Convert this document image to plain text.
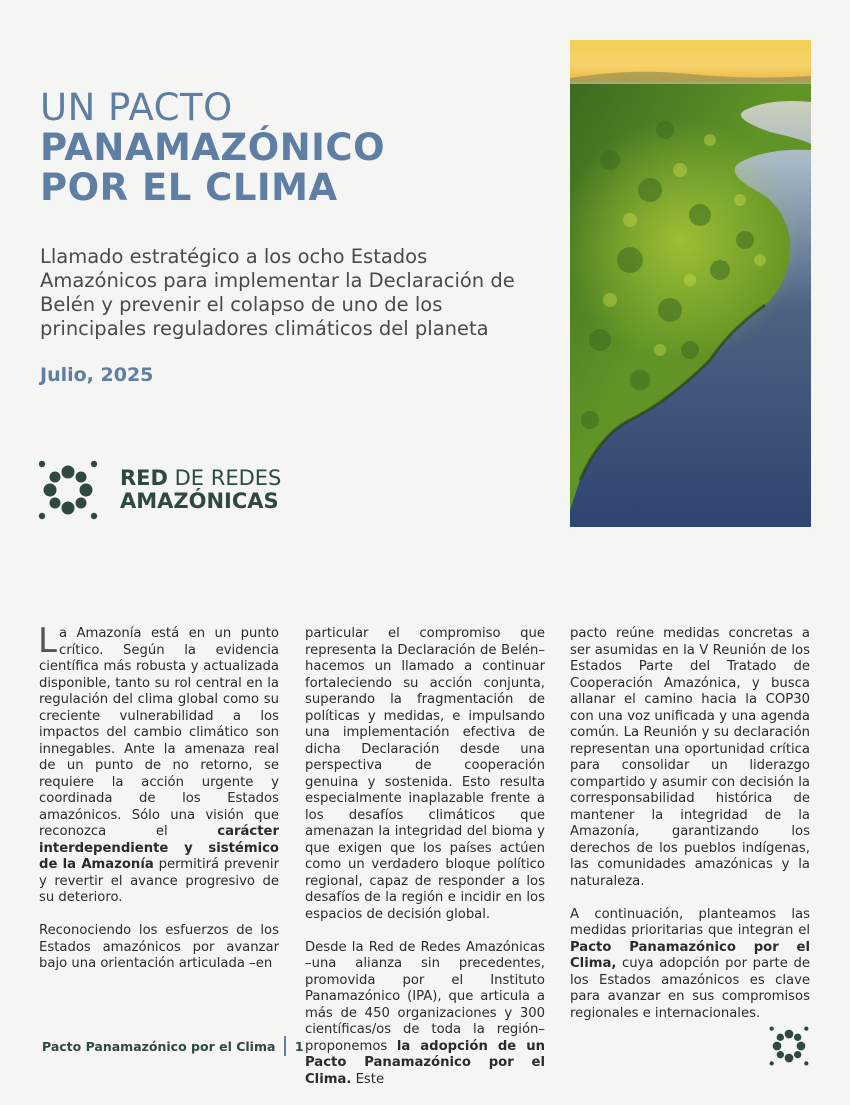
UN PACTO
PANAMAZÓNICO
POR EL CLIMA

Llamado estratégico a los ocho Estados Amazónicos para implementar la Declaración de Belén y prevenir el colapso de uno de los principales reguladores climáticos del planeta

Julio, 2025
RED DE REDES
AMAZÓNICAS

La Amazonía está en un punto crítico. Según la evidencia científica más robusta y actualizada disponible, tanto su rol central en la regulación del clima global como su creciente vulnerabilidad a los impactos del cambio climático son innegables. Ante la amenaza real de un punto de no retorno, se requiere la acción urgente y coordinada de los Estados amazónicos. Sólo una visión que reconozca el carácter interdependiente y sistémico de la Amazonía permitirá prevenir y revertir el avance progresivo de su deterioro.

Reconociendo los esfuerzos de los Estados amazónicos por avanzar bajo una orientación articulada –en

particular el compromiso que representa la Declaración de Belén– hacemos un llamado a continuar fortaleciendo su acción conjunta, superando la fragmentación de políticas y medidas, e impulsando una implementación efectiva de dicha Declaración desde una perspectiva de cooperación genuina y sostenida. Esto resulta especialmente inaplazable frente a los desafíos climáticos que amenazan la integridad del bioma y que exigen que los países actúen como un verdadero bloque político regional, capaz de responder a los desafíos de la región e incidir en los espacios de decisión global.

Desde la Red de Redes Amazónicas –una alianza sin precedentes, promovida por el Instituto Panamazónico (IPA), que articula a más de 450 organizaciones y 300 científicas/os de toda la región– proponemos la adopción de un Pacto Panamazónico por el Clima. Este

pacto reúne medidas concretas a ser asumidas en la V Reunión de los Estados Parte del Tratado de Cooperación Amazónica, y busca allanar el camino hacia la COP30 con una voz unificada y una agenda común. La Reunión y su declaración representan una oportunidad crítica para consolidar un liderazgo compartido y asumir con decisión la corresponsabilidad histórica de mantener la integridad de la Amazonía, garantizando los derechos de los pueblos indígenas, las comunidades amazónicas y la naturaleza.

A continuación, planteamos las medidas prioritarias que integran el Pacto Panamazónico por el Clima, cuya adopción por parte de los Estados amazónicos es clave para avanzar en sus compromisos regionales e internacionales.

Pacto Panamazónico por el Clima 1
